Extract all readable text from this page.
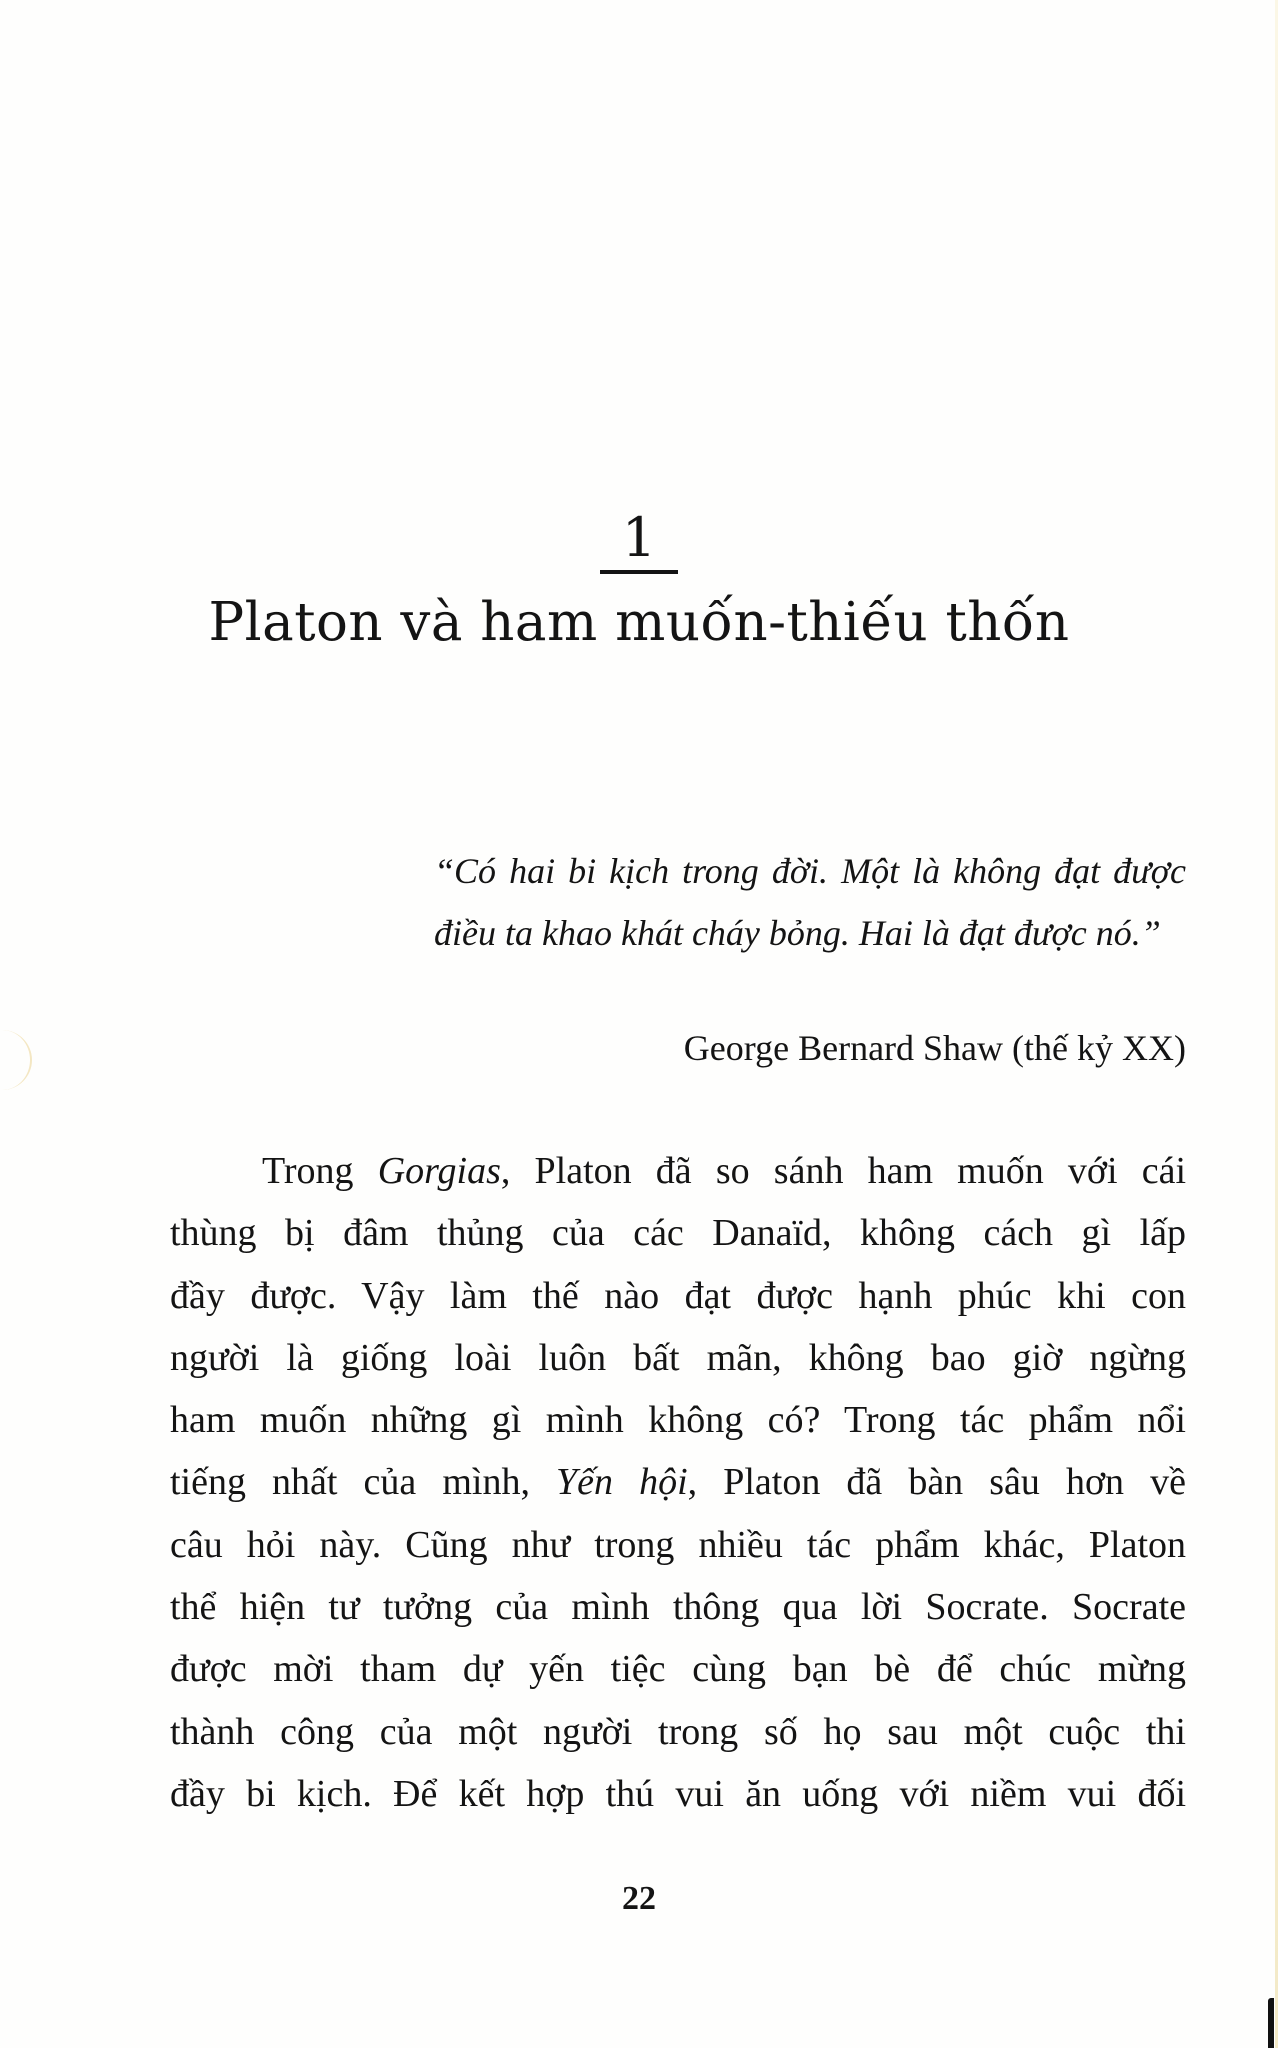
1
Platon và ham muốn-thiếu thốn
“Có hai bi kịch trong đời. Một là không đạt được điều ta khao khát cháy bỏng. Hai là đạt được nó.”
George Bernard Shaw (thế kỷ XX)
Trong Gorgias, Platon đã so sánh ham muốn với cái
thùng bị đâm thủng của các Danaïd, không cách gì lấp
đầy được. Vậy làm thế nào đạt được hạnh phúc khi con
người là giống loài luôn bất mãn, không bao giờ ngừng
ham muốn những gì mình không có? Trong tác phẩm nổi
tiếng nhất của mình, Yến hội, Platon đã bàn sâu hơn về
câu hỏi này. Cũng như trong nhiều tác phẩm khác, Platon
thể hiện tư tưởng của mình thông qua lời Socrate. Socrate
được mời tham dự yến tiệc cùng bạn bè để chúc mừng
thành công của một người trong số họ sau một cuộc thi
đầy bi kịch. Để kết hợp thú vui ăn uống với niềm vui đối
22
